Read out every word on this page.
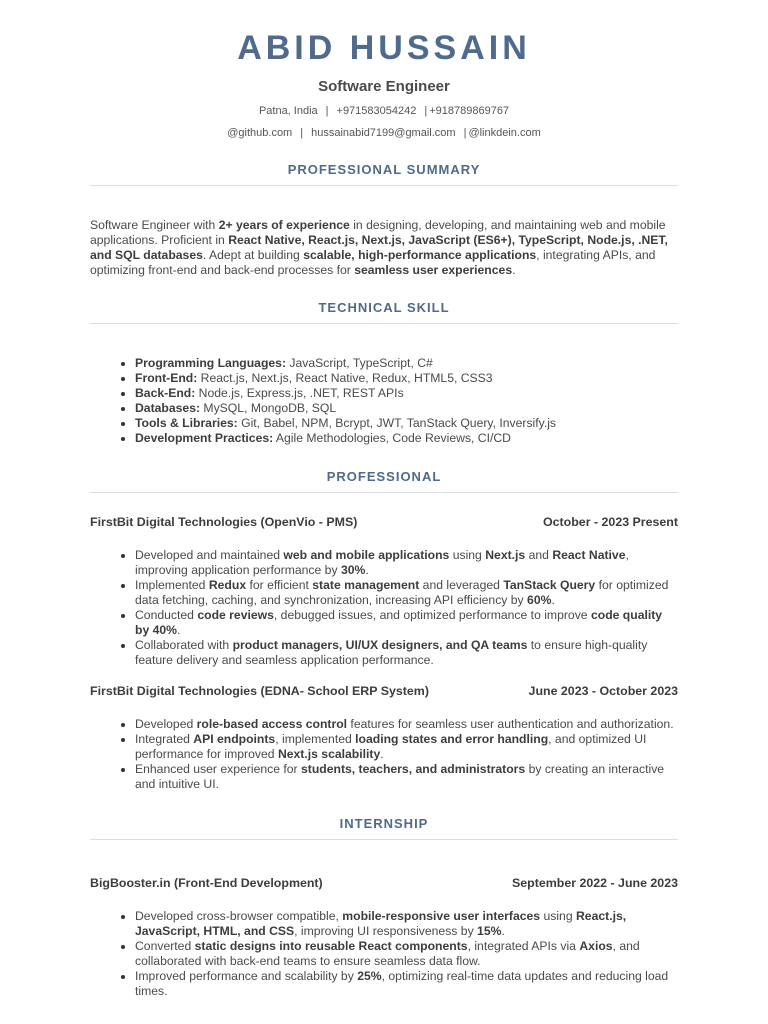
ABID HUSSAIN
Software Engineer
Patna, India | +971583054242 | +918789869767
@github.com | hussainabid7199@gmail.com | @linkdein.com
PROFESSIONAL SUMMARY
Software Engineer with 2+ years of experience in designing, developing, and maintaining web and mobile applications. Proficient in React Native, React.js, Next.js, JavaScript (ES6+), TypeScript, Node.js, .NET, and SQL databases. Adept at building scalable, high-performance applications, integrating APIs, and optimizing front-end and back-end processes for seamless user experiences.
TECHNICAL SKILL
• Programming Languages: JavaScript, TypeScript, C#
• Front-End: React.js, Next.js, React Native, Redux, HTML5, CSS3
• Back-End: Node.js, Express.js, .NET, REST APIs
• Databases: MySQL, MongoDB, SQL
• Tools & Libraries: Git, Babel, NPM, Bcrypt, JWT, TanStack Query, Inversify.js
• Development Practices: Agile Methodologies, Code Reviews, CI/CD
PROFESSIONAL
FirstBit Digital Technologies (OpenVio - PMS)	October - 2023 Present
• Developed and maintained web and mobile applications using Next.js and React Native, improving application performance by 30%.
• Implemented Redux for efficient state management and leveraged TanStack Query for optimized data fetching, caching, and synchronization, increasing API efficiency by 60%.
• Conducted code reviews, debugged issues, and optimized performance to improve code quality by 40%.
• Collaborated with product managers, UI/UX designers, and QA teams to ensure high-quality feature delivery and seamless application performance.
FirstBit Digital Technologies (EDNA- School ERP System)	June 2023 - October 2023
• Developed role-based access control features for seamless user authentication and authorization.
• Integrated API endpoints, implemented loading states and error handling, and optimized UI performance for improved Next.js scalability.
• Enhanced user experience for students, teachers, and administrators by creating an interactive and intuitive UI.
INTERNSHIP
BigBooster.in (Front-End Development)	September 2022 - June 2023
• Developed cross-browser compatible, mobile-responsive user interfaces using React.js, JavaScript, HTML, and CSS, improving UI responsiveness by 15%.
• Converted static designs into reusable React components, integrated APIs via Axios, and collaborated with back-end teams to ensure seamless data flow.
• Improved performance and scalability by 25%, optimizing real-time data updates and reducing load times.
